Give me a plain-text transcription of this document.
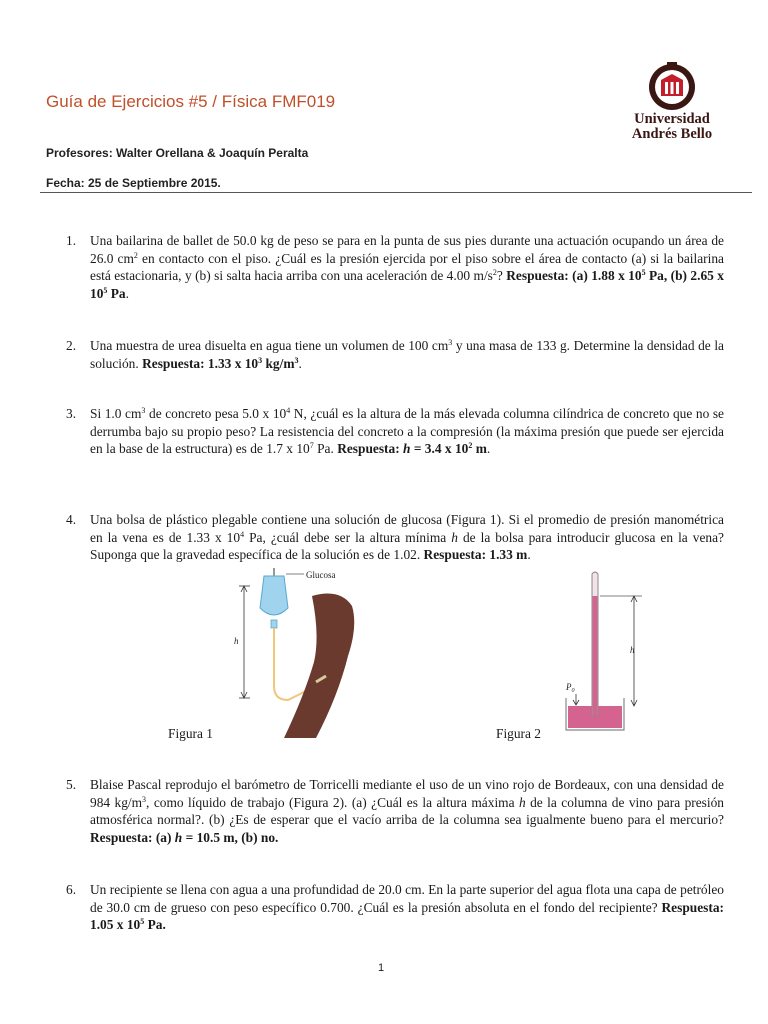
Guía de Ejercicios #5 / Física FMF019
Profesores: Walter Orellana & Joaquín Peralta
Fecha: 25 de Septiembre 2015.
Universidad
Andrés Bello
1.	Una bailarina de ballet de 50.0 kg de peso se para en la punta de sus pies durante una actuación ocupando un área de 26.0 $cm^2$ en contacto con el piso. ¿Cuál es la presión ejercida por el piso sobre el área de contacto (a) si la bailarina está estacionaria, y (b) si salta hacia arriba con una aceleración de 4.00 $m/s^2$? Respuesta: (a) 1.88 x $10^5$ Pa, (b) 2.65 x $10^5$ Pa.
2.	Una muestra de urea disuelta en agua tiene un volumen de 100 $cm^3$ y una masa de 133 g. Determine la densidad de la solución. Respuesta: 1.33 x $10^3$ $kg/m^3$.
3.	Si 1.0 $cm^3$ de concreto pesa 5.0 x $10^4$ N, ¿cuál es la altura de la más elevada columna cilíndrica de concreto que no se derrumba bajo su propio peso? La resistencia del concreto a la compresión (la máxima presión que puede ser ejercida en la base de la estructura) es de 1.7 x $10^7$ Pa. Respuesta: h = 3.4 x $10^2$ m.
4.	Una bolsa de plástico plegable contiene una solución de glucosa (Figura 1). Si el promedio de presión manométrica en la vena es de 1.33 x $10^4$ Pa, ¿cuál debe ser la altura mínima h de la bolsa para introducir glucosa en la vena? Suponga que la gravedad específica de la solución es de 1.02. Respuesta: 1.33 m.
Glucosa
h
Figura 1
h
$P_0$
Figura 2
5.	Blaise Pascal reprodujo el barómetro de Torricelli mediante el uso de un vino rojo de Bordeaux, con una densidad de 984 $kg/m^3$, como líquido de trabajo (Figura 2). (a) ¿Cuál es la altura máxima h de la columna de vino para presión atmosférica normal?. (b) ¿Es de esperar que el vacío arriba de la columna sea igualmente bueno para el mercurio? Respuesta: (a) h = 10.5 m, (b) no.
6.	Un recipiente se llena con agua a una profundidad de 20.0 cm. En la parte superior del agua flota una capa de petróleo de 30.0 cm de grueso con peso específico 0.700. ¿Cuál es la presión absoluta en el fondo del recipiente? Respuesta: 1.05 x $10^5$ Pa.
1
